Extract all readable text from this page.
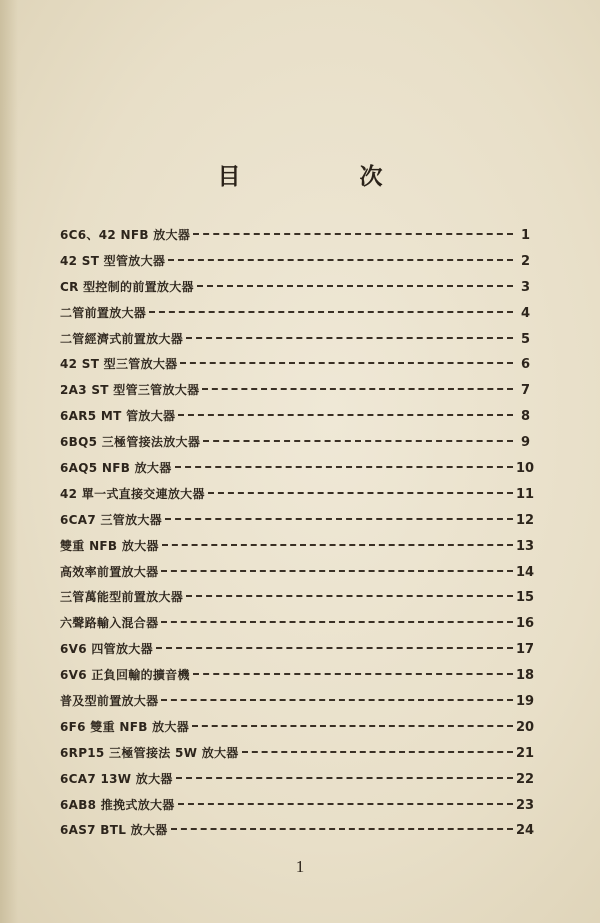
目　次
6C6、42 NFB 放大器	1
42 ST 型管放大器	2
CR 型控制的前置放大器	3
二管前置放大器	4
二管經濟式前置放大器	5
42 ST 型三管放大器	6
2A3 ST 型管三管放大器	7
6AR5 MT 管放大器	8
6BQ5 三極管接法放大器	9
6AQ5 NFB 放大器	10
42 單一式直接交連放大器	11
6CA7 三管放大器	12
雙重 NFB 放大器	13
高效率前置放大器	14
三管萬能型前置放大器	15
六聲路輸入混合器	16
6V6 四管放大器	17
6V6 正負回輸的擴音機	18
普及型前置放大器	19
6F6 雙重 NFB 放大器	20
6RP15 三極管接法 5W 放大器	21
6CA7 13W 放大器	22
6AB8 推挽式放大器	23
6AS7 BTL 放大器	24
1
